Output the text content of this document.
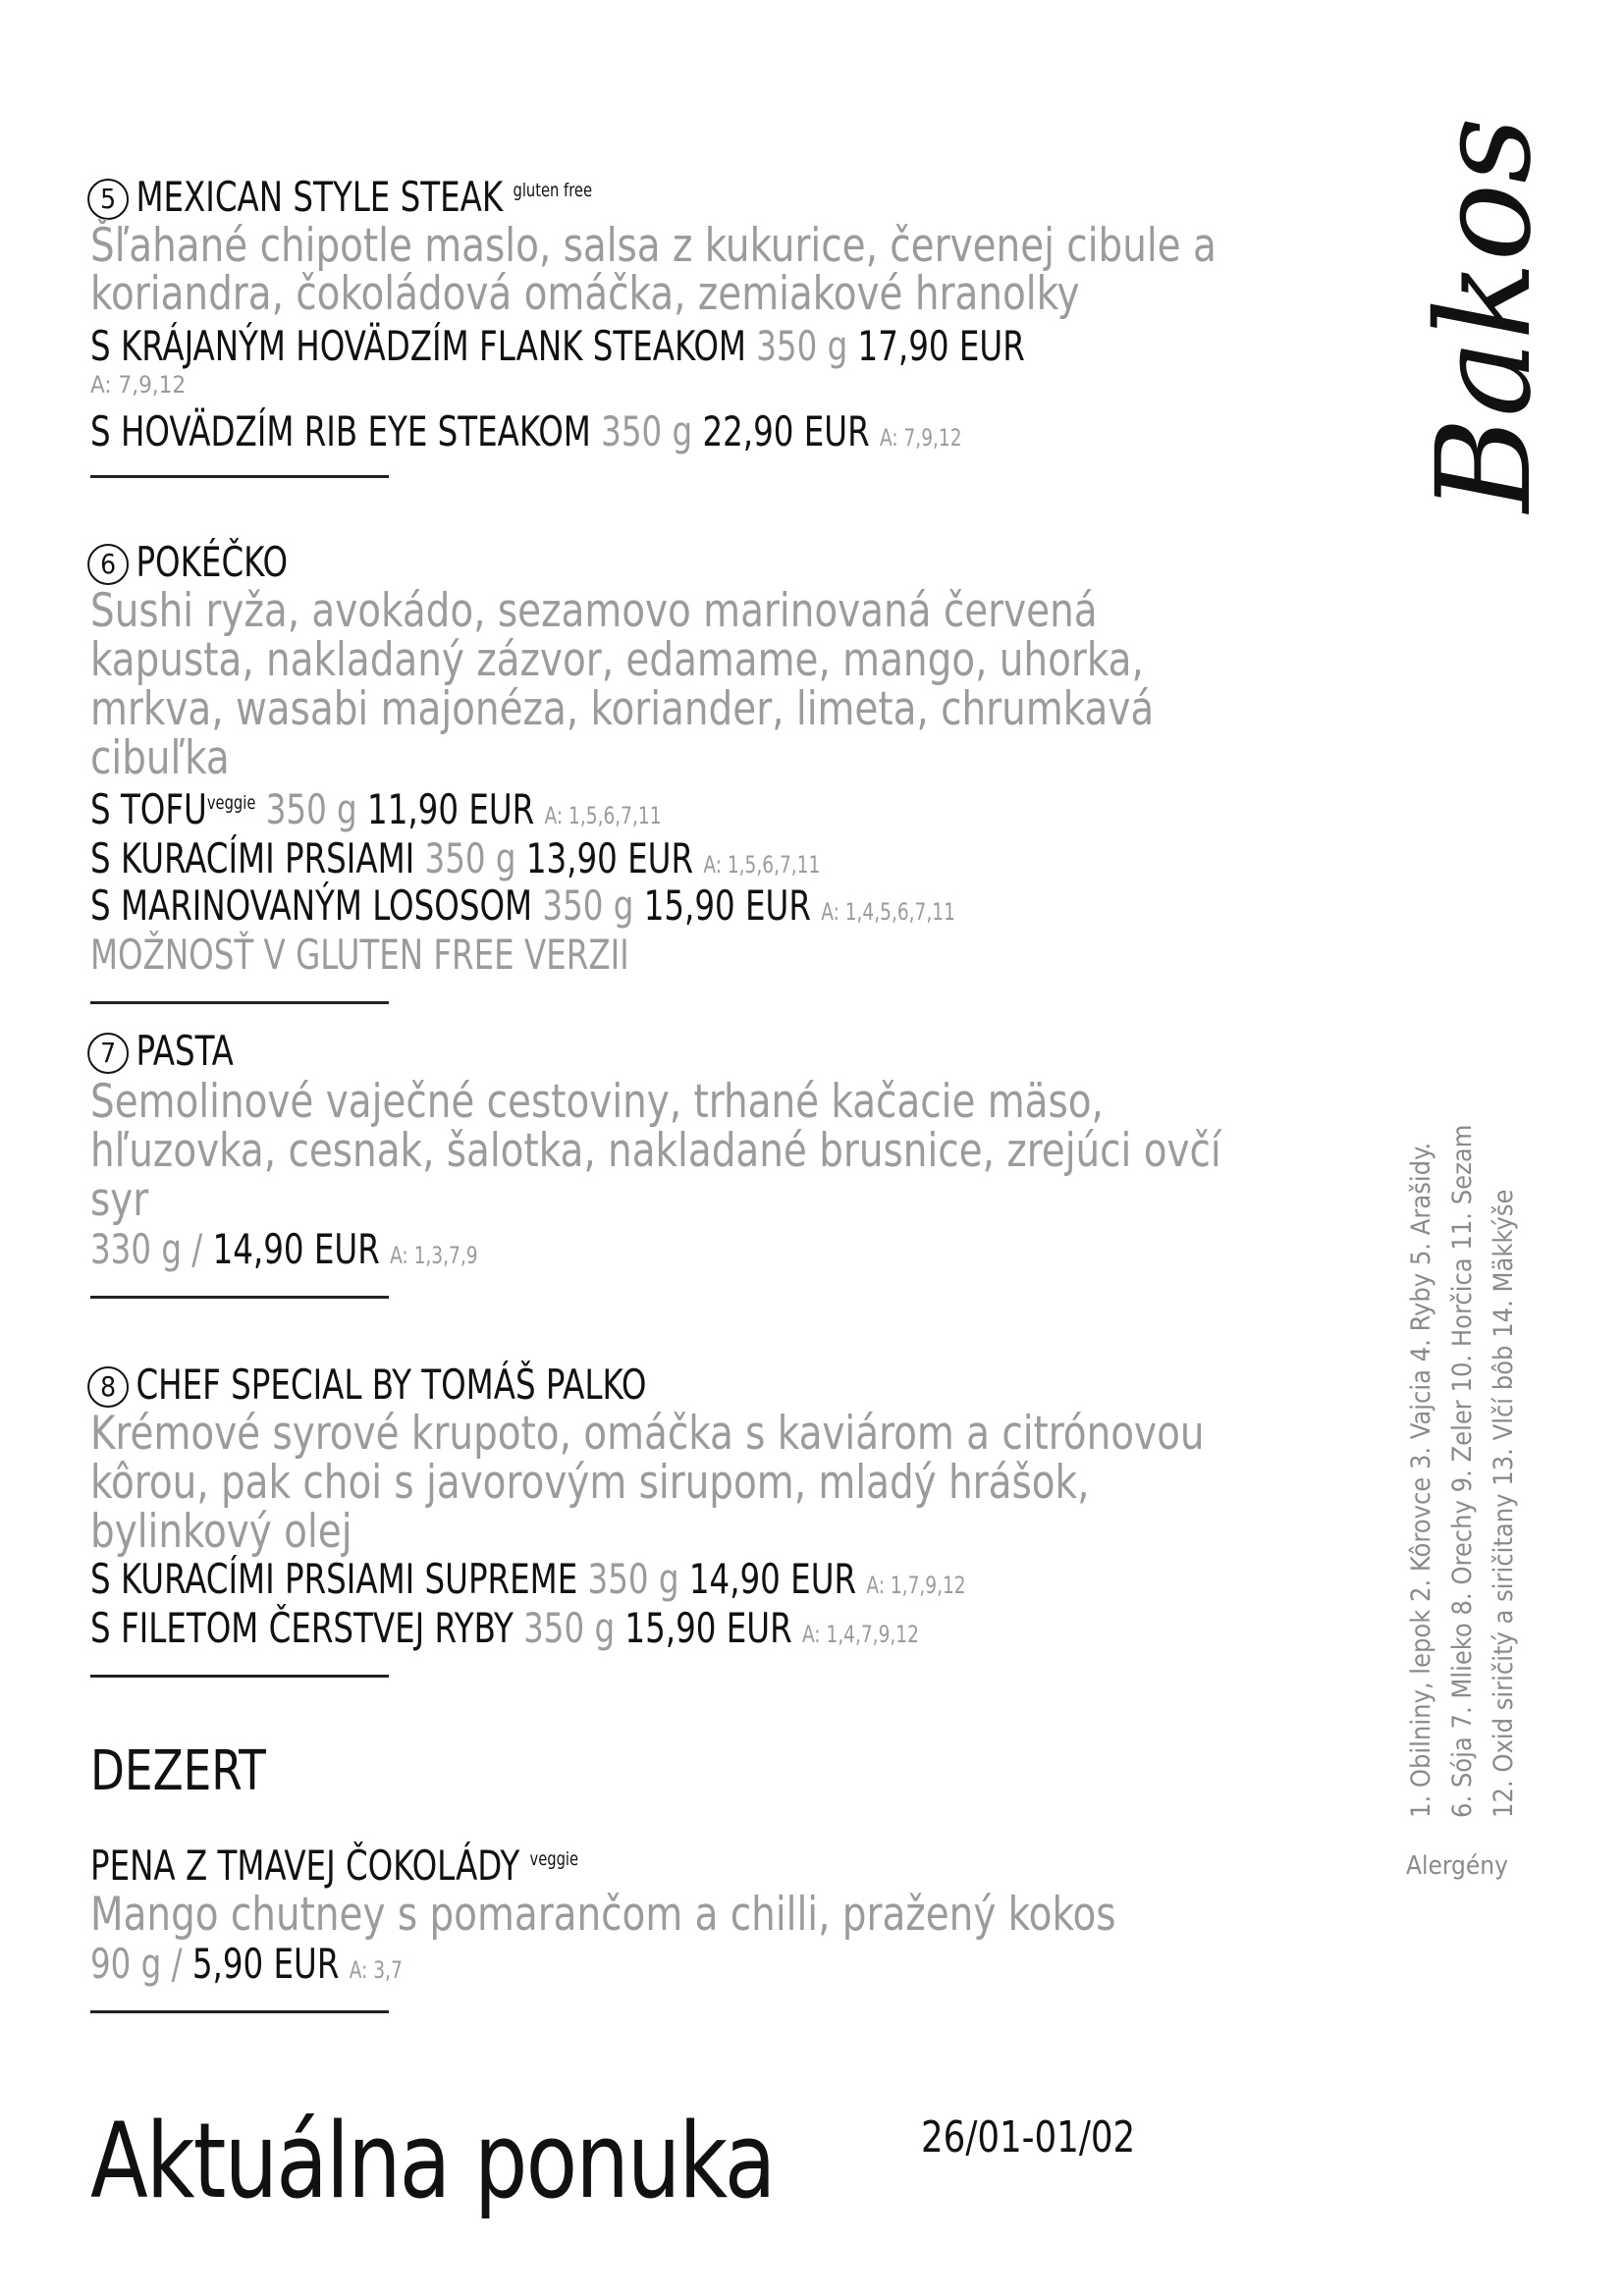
5 MEXICAN STYLE STEAK $^{gluten free}$
Šľahané chipotle maslo, salsa z kukurice, červenej cibule a
koriandra, čokoládová omáčka, zemiakové hranolky
S KRÁJANÝM HOVÄDZÍM FLANK STEAKOM 350 g 17,90 EUR
A: 7,9,12
S HOVÄDZÍM RIB EYE STEAKOM 350 g 22,90 EUR A: 7,9,12
6 POKÉČKO
Sushi ryža, avokádo, sezamovo marinovaná červená
kapusta, nakladaný zázvor, edamame, mango, uhorka,
mrkva, wasabi majonéza, koriander, limeta, chrumkavá
cibuľka
S $TOFU^{veggie}$ 350 g 11,90 EUR A: 1,5,6,7,11
S KURACÍMI PRSIAMI 350 g 13,90 EUR A: 1,5,6,7,11
S MARINOVANÝM LOSOSOM 350 g 15,90 EUR A: 1,4,5,6,7,11
MOŽNOSŤ V GLUTEN FREE VERZII
7 PASTA
Semolinové vaječné cestoviny, trhané kačacie mäso,
hľuzovka, cesnak, šalotka, nakladané brusnice, zrejúci ovčí
syr
330 g / 14,90 EUR A: 1,3,7,9
8 CHEF SPECIAL BY TOMÁŠ PALKO
Krémové syrové krupoto, omáčka s kaviárom a citrónovou
kôrou, pak choi s javorovým sirupom, mladý hrášok,
bylinkový olej
S KURACÍMI PRSIAMI SUPREME 350 g 14,90 EUR A: 1,7,9,12
S FILETOM ČERSTVEJ RYBY 350 g 15,90 EUR A: 1,4,7,9,12
DEZERT
PENA Z TMAVEJ ČOKOLÁDY $^{veggie}$
Mango chutney s pomarančom a chilli, pražený kokos
90 g / 5,90 EUR A: 3,7
Aktuálna ponuka	26/01-01/02
Bakos
1. Obilniny, lepok 2. Kôrovce 3. Vajcia 4. Ryby 5. Arašidy. 6. Sója 7. Mlieko 8. Orechy 9. Zeler 10. Horčica 11. Sezam 12. Oxid siričitý a siričitany 13. Vlčí bôb 14. Mäkkýše
Alergény
